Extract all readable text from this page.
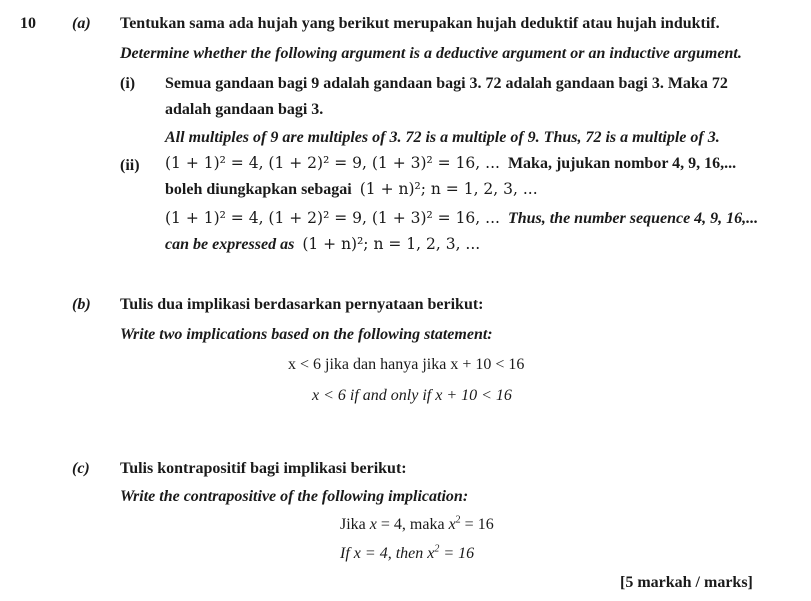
10 (a) Tentukan sama ada hujah yang berikut merupakan hujah deduktif atau hujah induktif.
Determine whether the following argument is a deductive argument or an inductive argument.
(i) Semua gandaan bagi 9 adalah gandaan bagi 3. 72 adalah gandaan bagi 3. Maka 72
adalah gandaan bagi 3.
All multiples of 9 are multiples of 3. 72 is a multiple of 9. Thus, 72 is a multiple of 3.
(ii) (1 + 1)² = 4, (1 + 2)² = 9, (1 + 3)² = 16, ... Maka, jujukan nombor 4, 9, 16,...
boleh diungkapkan sebagai (1 + n)²; n = 1, 2, 3, ...
(1 + 1)² = 4, (1 + 2)² = 9, (1 + 3)² = 16, ... Thus, the number sequence 4, 9, 16,...
can be expressed as (1 + n)²; n = 1, 2, 3, ...
(b) Tulis dua implikasi berdasarkan pernyataan berikut:
Write two implications based on the following statement:
x < 6 jika dan hanya jika x + 10 < 16
x < 6 if and only if x + 10 < 16
(c) Tulis kontrapositif bagi implikasi berikut:
Write the contrapositive of the following implication:
Jika x = 4, maka $x^2 = 16$
If x = 4, then $x^2 = 16$
[5 markah / marks]
